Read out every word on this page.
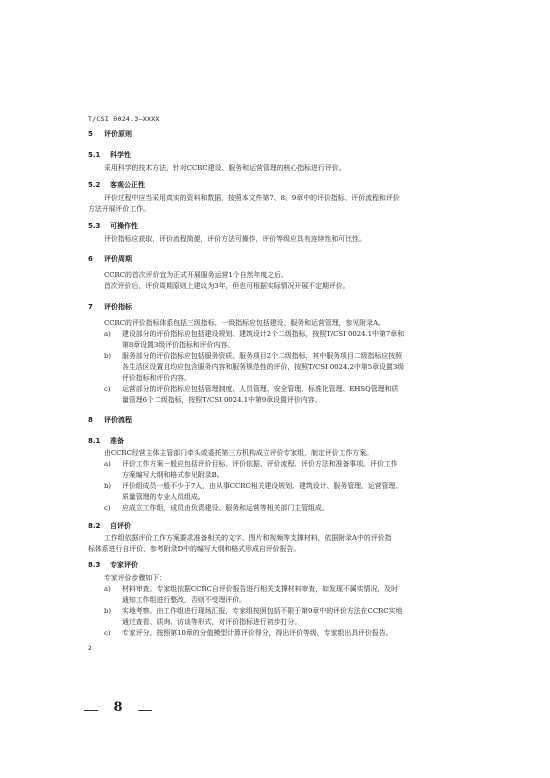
T/CSI 0024.3—XXXX
5 评价原则
5.1 科学性
采用科学的技术方法，针对CCRC建设、服务和运营管理的核心指标进行评价。
5.2 客观公正性
评价过程中应当采用真实的资料和数据，按照本文件第7、8、9章中的评价指标、评价流程和评价
方法开展评价工作。
5.3 可操作性
评价指标应获取，评价流程简便，评价方法可操作，评价等级应具有连续性和可比性。
6 评价周期
CCRC的首次评价宜为正式开展服务运营1个自然年度之后。
首次评价后，评价周期原则上建议为3年，但也可根据实际情况开展不定期评价。
7 评价指标
CCRC的评价指标体系包括三级指标，一级指标应包括建设、服务和运营管理，参见附录A。
a) 建设部分的评价指标应包括建设规划、建筑设计2个二级指标，按照T/CSI 0024.1中第7章和
第8章设置3级评价指标和评价内容。
b) 服务部分的评价指标应包括服务资质、服务项目2个二级指标，其中服务项目二级指标应按照
各生活区设置且均应包含服务内容和服务规范性的评价，按照T/CSI 0024.2中第5章设置3级
评价指标和评价内容。
c) 运营部分的评价指标应包括管理制度、人员管理、安全管理、标准化管理、EHSQ管理和质
量管理6个二级指标，按照T/CSI 0024.1中第9章设置评价内容。
8 评价流程
8.1 准备
由CCRC经营主体主管部门牵头或委托第三方机构成立评价专家组，制定评价工作方案。
a) 评价工作方案一般应包括评价目标、评价依据、评价流程、评价方法和准备事项。评价工作
方案编写大纲和格式参见附录B。
b) 评价组成员一般不少于7人，由从事CCRC相关建设规划、建筑设计、服务管理、运营管理、
质量管理的专业人员组成。
c) 应成立工作组，成员由负责建设、服务和运营等相关部门主管组成。
8.2 自评价
工作组依据评价工作方案要求准备相关的文字、图片和视频等支撑材料，依据附录A中的评价指
标体系进行自评价，参考附录D中的编写大纲和格式形成自评价报告。
8.3 专家评价
专家评价步骤如下：
a) 材料审查。专家组依据CCRC自评价报告进行相关支撑材料审查，如发现不属实情况，及时
通知工作组进行整改，否则不受理评价。
b) 实地考察。由工作组进行现场汇报，专家组按照包括不限于第9章中的评价方法在CCRC实地
通过查看、质询、访谈等形式，对评价指标进行初步打分。
c) 专家评分。按照第10章的分值模型计算评价得分，得出评价等级，专家组出具评价报告。
2
8
